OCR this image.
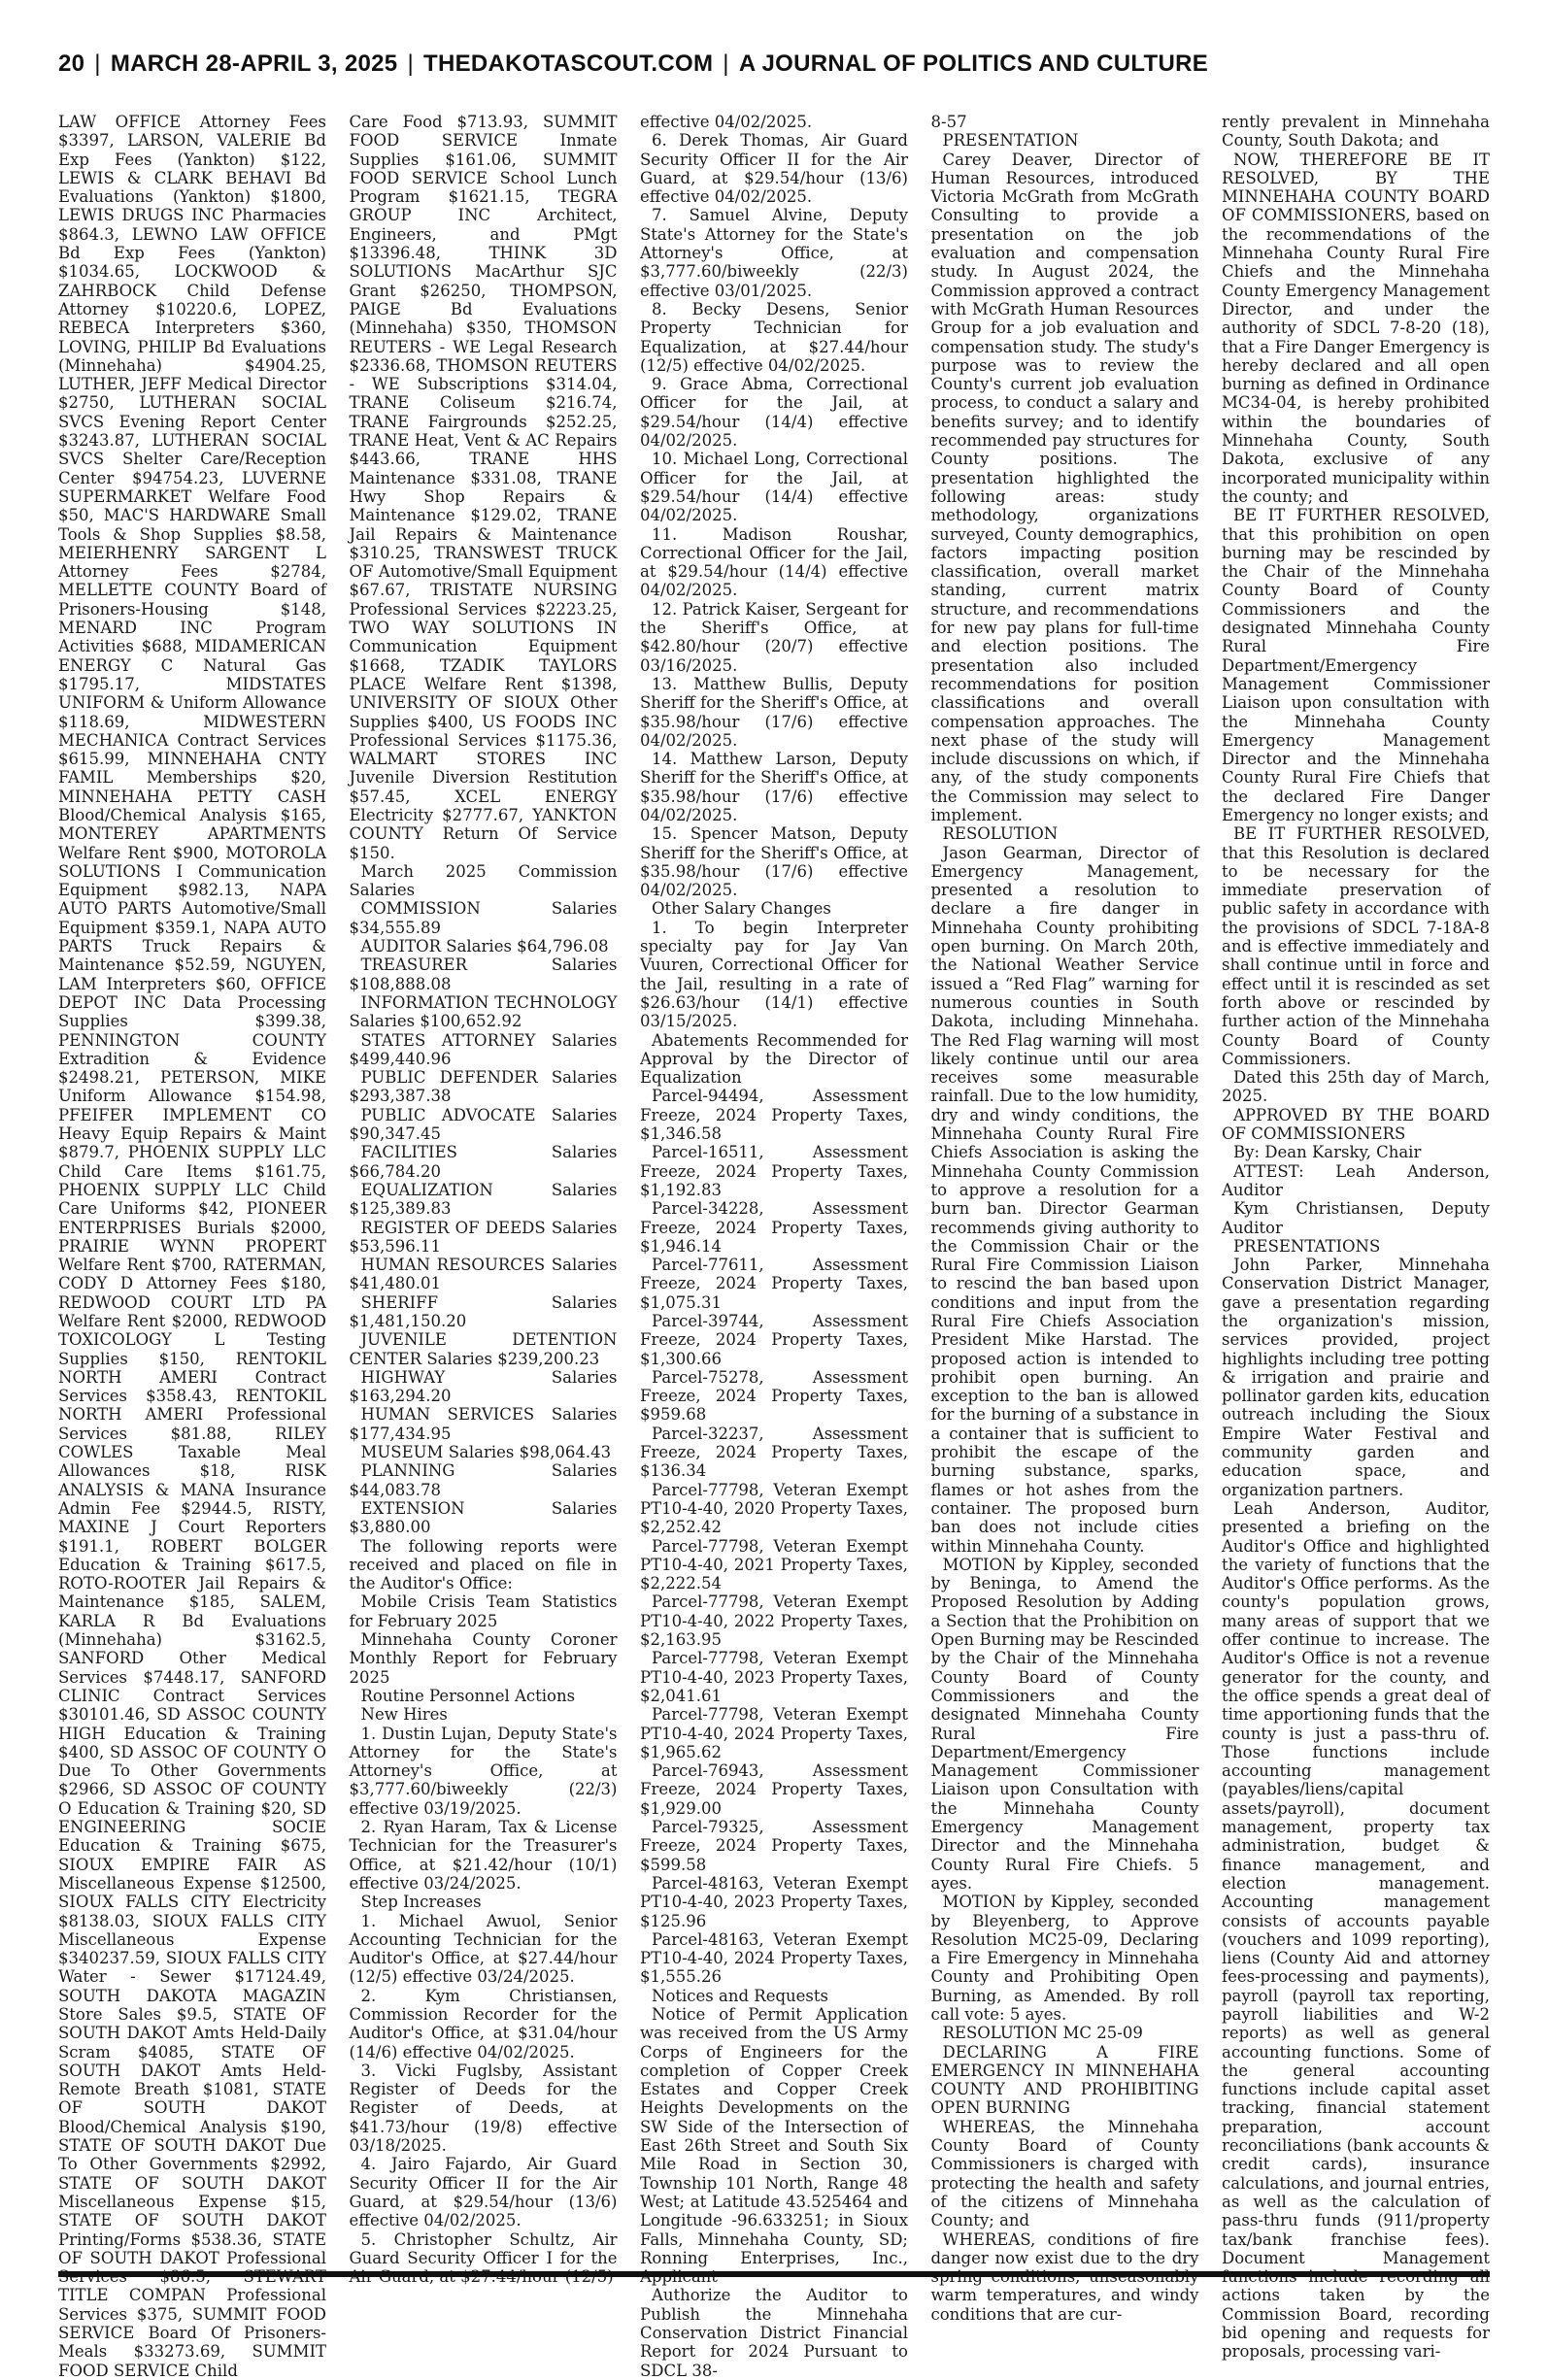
20 | MARCH 28-APRIL 3, 2025 | THEDAKOTASCOUT.COM | A JOURNAL OF POLITICS AND CULTURE

LAW OFFICE Attorney Fees $3397, LARSON, VALERIE Bd Exp Fees (Yankton) $122, LEWIS & CLARK BEHAVI Bd Evaluations (Yankton) $1800, LEWIS DRUGS INC Pharmacies $864.3, LEWNO LAW OFFICE Bd Exp Fees (Yankton) $1034.65, LOCKWOOD & ZAHRBOCK Child Defense Attorney $10220.6, LOPEZ, REBECA Interpreters $360, LOVING, PHILIP Bd Evaluations (Minnehaha) $4904.25, LUTHER, JEFF Medical Director $2750, LUTHERAN SOCIAL SVCS Evening Report Center $3243.87, LUTHERAN SOCIAL SVCS Shelter Care/Reception Center $94754.23, LUVERNE SUPERMARKET Welfare Food $50, MAC'S HARDWARE Small Tools & Shop Supplies $8.58, MEIERHENRY SARGENT L Attorney Fees $2784, MELLETTE COUNTY Board of Prisoners-Housing $148, MENARD INC Program Activities $688, MIDAMERICAN ENERGY C Natural Gas $1795.17, MIDSTATES UNIFORM & Uniform Allowance $118.69, MIDWESTERN MECHANICA Contract Services $615.99, MINNEHAHA CNTY FAMIL Memberships $20, MINNEHAHA PETTY CASH Blood/Chemical Analysis $165, MONTEREY APARTMENTS Welfare Rent $900, MOTOROLA SOLUTIONS I Communication Equipment $982.13, NAPA AUTO PARTS Automotive/Small Equipment $359.1, NAPA AUTO PARTS Truck Repairs & Maintenance $52.59, NGUYEN, LAM Interpreters $60, OFFICE DEPOT INC Data Processing Supplies $399.38, PENNINGTON COUNTY Extradition & Evidence $2498.21, PETERSON, MIKE Uniform Allowance $154.98, PFEIFER IMPLEMENT CO Heavy Equip Repairs & Maint $879.7, PHOENIX SUPPLY LLC Child Care Items $161.75, PHOENIX SUPPLY LLC Child Care Uniforms $42, PIONEER ENTERPRISES Burials $2000, PRAIRIE WYNN PROPERT Welfare Rent $700, RATERMAN, CODY D Attorney Fees $180, REDWOOD COURT LTD PA Welfare Rent $2000, REDWOOD TOXICOLOGY L Testing Supplies $150, RENTOKIL NORTH AMERI Contract Services $358.43, RENTOKIL NORTH AMERI Professional Services $81.88, RILEY COWLES Taxable Meal Allowances $18, RISK ANALYSIS & MANA Insurance Admin Fee $2944.5, RISTY, MAXINE J Court Reporters $191.1, ROBERT BOLGER Education & Training $617.5, ROTO-ROOTER Jail Repairs & Maintenance $185, SALEM, KARLA R Bd Evaluations (Minnehaha) $3162.5, SANFORD Other Medical Services $7448.17, SANFORD CLINIC Contract Services $30101.46, SD ASSOC COUNTY HIGH Education & Training $400, SD ASSOC OF COUNTY O Due To Other Governments $2966, SD ASSOC OF COUNTY O Education & Training $20, SD ENGINEERING SOCIE Education & Training $675, SIOUX EMPIRE FAIR AS Miscellaneous Expense $12500, SIOUX FALLS CITY Electricity $8138.03, SIOUX FALLS CITY Miscellaneous Expense $340237.59, SIOUX FALLS CITY Water - Sewer $17124.49, SOUTH DAKOTA MAGAZIN Store Sales $9.5, STATE OF SOUTH DAKOT Amts Held-Daily Scram $4085, STATE OF SOUTH DAKOT Amts Held-Remote Breath $1081, STATE OF SOUTH DAKOT Blood/Chemical Analysis $190, STATE OF SOUTH DAKOT Due To Other Governments $2992, STATE OF SOUTH DAKOT Miscellaneous Expense $15, STATE OF SOUTH DAKOT Printing/Forms $538.36, STATE OF SOUTH DAKOT Professional TITLE COMPAN Professional Services $375, SUMMIT FOOD SERVICE Board Of Prisoners-Meals $33273.69, SUMMIT FOOD SERVICE Child

Care Food $713.93, SUMMIT FOOD SERVICE Inmate Supplies $161.06, SUMMIT FOOD SERVICE School Lunch Program $1621.15, TEGRA GROUP INC Architect, Engineers, and PMgt $13396.48, THINK 3D SOLUTIONS MacArthur SJC Grant $26250, THOMPSON, PAIGE Bd Evaluations (Minnehaha) $350, THOMSON REUTERS - WE Legal Research $2336.68, THOMSON REUTERS - WE Subscriptions $314.04, TRANE Coliseum $216.74, TRANE Fairgrounds $252.25, TRANE Heat, Vent & AC Repairs $443.66, TRANE HHS Maintenance $331.08, TRANE Hwy Shop Repairs & Maintenance $129.02, TRANE Jail Repairs & Maintenance $310.25, TRANSWEST TRUCK OF Automotive/Small Equipment $67.67, TRISTATE NURSING Professional Services $2223.25, TWO WAY SOLUTIONS IN Communication Equipment $1668, TZADIK TAYLORS PLACE Welfare Rent $1398, UNIVERSITY OF SIOUX Other Supplies $400, US FOODS INC Professional Services $1175.36, WALMART STORES INC Juvenile Diversion Restitution $57.45, XCEL ENERGY Electricity $2777.67, YANKTON COUNTY Return Of Service $150.

March 2025 Commission Salaries

COMMISSION Salaries $34,555.89

AUDITOR Salaries $64,796.08

TREASURER Salaries $108,888.08

INFORMATION TECHNOLOGY Salaries $100,652.92

STATES ATTORNEY Salaries $499,440.96

PUBLIC DEFENDER Salaries $293,387.38

PUBLIC ADVOCATE Salaries $90,347.45

FACILITIES Salaries $66,784.20

EQUALIZATION Salaries $125,389.83

REGISTER OF DEEDS Salaries $53,596.11

HUMAN RESOURCES Salaries $41,480.01

SHERIFF Salaries $1,481,150.20

JUVENILE DETENTION CENTER Salaries $239,200.23

HIGHWAY Salaries $163,294.20

HUMAN SERVICES Salaries $177,434.95

MUSEUM Salaries $98,064.43

PLANNING Salaries $44,083.78

EXTENSION Salaries $3,880.00

The following reports were received and placed on file in the Auditor's Office:

Mobile Crisis Team Statistics for February 2025

Minnehaha County Coroner Monthly Report for February 2025

Routine Personnel Actions

New Hires

1. Dustin Lujan, Deputy State's Attorney for the State's Attorney's Office, at $3,777.60/biweekly (22/3) effective 03/19/2025.

2. Ryan Haram, Tax & License Technician for the Treasurer's Office, at $21.42/hour (10/1) effective 03/24/2025.

Step Increases

1. Michael Awuol, Senior Accounting Technician for the Auditor's Office, at $27.44/hour (12/5) effective 03/24/2025.

2. Kym Christiansen, Commission Recorder for the Auditor's Office, at $31.04/hour (14/6) effective 04/02/2025.

3. Vicki Fuglsby, Assistant Register of Deeds for the Register of Deeds, at $41.73/hour (19/8) effective 03/18/2025.

4. Jairo Fajardo, Air Guard Security Officer II for the Air Guard, at $29.54/hour (13/6) effective 04/02/2025.

5. Christopher Schultz, Air Guard Security Officer I for the

effective 04/02/2025.

6. Derek Thomas, Air Guard Security Officer II for the Air Guard, at $29.54/hour (13/6) effective 04/02/2025.

7. Samuel Alvine, Deputy State's Attorney for the State's Attorney's Office, at $3,777.60/biweekly (22/3) effective 03/01/2025.

8. Becky Desens, Senior Property Technician for Equalization, at $27.44/hour (12/5) effective 04/02/2025.

9. Grace Abma, Correctional Officer for the Jail, at $29.54/hour (14/4) effective 04/02/2025.

10. Michael Long, Correctional Officer for the Jail, at $29.54/hour (14/4) effective 04/02/2025.

11. Madison Roushar, Correctional Officer for the Jail, at $29.54/hour (14/4) effective 04/02/2025.

12. Patrick Kaiser, Sergeant for the Sheriff's Office, at $42.80/hour (20/7) effective 03/16/2025.

13. Matthew Bullis, Deputy Sheriff for the Sheriff's Office, at $35.98/hour (17/6) effective 04/02/2025.

14. Matthew Larson, Deputy Sheriff for the Sheriff's Office, at $35.98/hour (17/6) effective 04/02/2025.

15. Spencer Matson, Deputy Sheriff for the Sheriff's Office, at $35.98/hour (17/6) effective 04/02/2025.

Other Salary Changes

1. To begin Interpreter specialty pay for Jay Van Vuuren, Correctional Officer for the Jail, resulting in a rate of $26.63/hour (14/1) effective 03/15/2025.

Abatements Recommended for Approval by the Director of Equalization

Parcel-94494, Assessment Freeze, 2024 Property Taxes, $1,346.58

Parcel-16511, Assessment Freeze, 2024 Property Taxes, $1,192.83

Parcel-34228, Assessment Freeze, 2024 Property Taxes, $1,946.14

Parcel-77611, Assessment Freeze, 2024 Property Taxes, $1,075.31

Parcel-39744, Assessment Freeze, 2024 Property Taxes, $1,300.66

Parcel-75278, Assessment Freeze, 2024 Property Taxes, $959.68

Parcel-32237, Assessment Freeze, 2024 Property Taxes, $136.34

Parcel-77798, Veteran Exempt PT10-4-40, 2020 Property Taxes, $2,252.42

Parcel-77798, Veteran Exempt PT10-4-40, 2021 Property Taxes, $2,222.54

Parcel-77798, Veteran Exempt PT10-4-40, 2022 Property Taxes, $2,163.95

Parcel-77798, Veteran Exempt PT10-4-40, 2023 Property Taxes, $2,041.61

Parcel-77798, Veteran Exempt PT10-4-40, 2024 Property Taxes, $1,965.62

Parcel-76943, Assessment Freeze, 2024 Property Taxes, $1,929.00

Parcel-79325, Assessment Freeze, 2024 Property Taxes, $599.58

Parcel-48163, Veteran Exempt PT10-4-40, 2023 Property Taxes, $125.96

Parcel-48163, Veteran Exempt PT10-4-40, 2024 Property Taxes, $1,555.26

Notices and Requests

Notice of Permit Application was received from the US Army Corps of Engineers for the completion of Copper Creek Estates and Copper Creek Heights Developments on the SW Side of the Intersection of East 26th Street and South Six Mile Road in Section 30, Township 101 North, Range 48 West; at Latitude 43.525464 and Longitude -96.633251; in Sioux Falls, Minnehaha County, SD; Ronning Enterprises, Inc.,

Authorize the Auditor to Publish the Minnehaha Conservation District Financial Report for 2024 Pursuant to SDCL 38-

8-57

PRESENTATION

Carey Deaver, Director of Human Resources, introduced Victoria McGrath from McGrath Consulting to provide a presentation on the job evaluation and compensation study. In August 2024, the Commission approved a contract with McGrath Human Resources Group for a job evaluation and compensation study. The study's purpose was to review the County's current job evaluation process, to conduct a salary and benefits survey; and to identify recommended pay structures for County positions. The presentation highlighted the following areas: study methodology, organizations surveyed, County demographics, factors impacting position classification, overall market standing, current matrix structure, and recommendations for new pay plans for full-time and election positions. The presentation also included recommendations for position classifications and overall compensation approaches. The next phase of the study will include discussions on which, if any, of the study components the Commission may select to implement.

RESOLUTION

Jason Gearman, Director of Emergency Management, presented a resolution to declare a fire danger in Minnehaha County prohibiting open burning. On March 20th, the National Weather Service issued a “Red Flag” warning for numerous counties in South Dakota, including Minnehaha. The Red Flag warning will most likely continue until our area receives some measurable rainfall. Due to the low humidity, dry and windy conditions, the Minnehaha County Rural Fire Chiefs Association is asking the Minnehaha County Commission to approve a resolution for a burn ban. Director Gearman recommends giving authority to the Commission Chair or the Rural Fire Commission Liaison to rescind the ban based upon conditions and input from the Rural Fire Chiefs Association President Mike Harstad. The proposed action is intended to prohibit open burning. An exception to the ban is allowed for the burning of a substance in a container that is sufficient to prohibit the escape of the burning substance, sparks, flames or hot ashes from the container. The proposed burn ban does not include cities within Minnehaha County.

MOTION by Kippley, seconded by Beninga, to Amend the Proposed Resolution by Adding a Section that the Prohibition on Open Burning may be Rescinded by the Chair of the Minnehaha County Board of County Commissioners and the designated Minnehaha County Rural Fire Department/Emergency Management Commissioner Liaison upon Consultation with the Minnehaha County Emergency Management Director and the Minnehaha County Rural Fire Chiefs. 5 ayes.

MOTION by Kippley, seconded by Bleyenberg, to Approve Resolution MC25-09, Declaring a Fire Emergency in Minnehaha County and Prohibiting Open Burning, as Amended. By roll call vote: 5 ayes.

RESOLUTION MC 25-09

DECLARING A FIRE EMERGENCY IN MINNEHAHA COUNTY AND PROHIBITING OPEN BURNING

WHEREAS, the Minnehaha County Board of County Commissioners is charged with protecting the health and safety of the citizens of Minnehaha County; and

WHEREAS, conditions of fire danger now exist due to the dry warm temperatures, and windy conditions that are cur-

rently prevalent in Minnehaha County, South Dakota; and

NOW, THEREFORE BE IT RESOLVED, BY THE MINNEHAHA COUNTY BOARD OF COMMISSIONERS, based on the recommendations of the Minnehaha County Rural Fire Chiefs and the Minnehaha County Emergency Management Director, and under the authority of SDCL 7-8-20 (18), that a Fire Danger Emergency is hereby declared and all open burning as defined in Ordinance MC34-04, is hereby prohibited within the boundaries of Minnehaha County, South Dakota, exclusive of any incorporated municipality within the county; and

BE IT FURTHER RESOLVED, that this prohibition on open burning may be rescinded by the Chair of the Minnehaha County Board of County Commissioners and the designated Minnehaha County Rural Fire Department/Emergency Management Commissioner Liaison upon consultation with the Minnehaha County Emergency Management Director and the Minnehaha County Rural Fire Chiefs that the declared Fire Danger Emergency no longer exists; and

BE IT FURTHER RESOLVED, that this Resolution is declared to be necessary for the immediate preservation of public safety in accordance with the provisions of SDCL 7-18A-8 and is effective immediately and shall continue until in force and effect until it is rescinded as set forth above or rescinded by further action of the Minnehaha County Board of County Commissioners.

Dated this 25th day of March, 2025.

APPROVED BY THE BOARD OF COMMISSIONERS

By: Dean Karsky, Chair

ATTEST: Leah Anderson, Auditor

Kym Christiansen, Deputy Auditor

PRESENTATIONS

John Parker, Minnehaha Conservation District Manager, gave a presentation regarding the organization's mission, services provided, project highlights including tree potting & irrigation and prairie and pollinator garden kits, education outreach including the Sioux Empire Water Festival and community garden and education space, and organization partners.

Leah Anderson, Auditor, presented a briefing on the Auditor's Office and highlighted the variety of functions that the Auditor's Office performs. As the county's population grows, many areas of support that we offer continue to increase. The Auditor's Office is not a revenue generator for the county, and the office spends a great deal of time apportioning funds that the county is just a pass-thru of. Those functions include accounting management (payables/liens/capital assets/payroll), document management, property tax administration, budget & finance management, and election management. Accounting management consists of accounts payable (vouchers and 1099 reporting), liens (County Aid and attorney fees-processing and payments), payroll (payroll tax reporting, payroll liabilities and W-2 reports) as well as general accounting functions. Some of the general accounting functions include capital asset tracking, financial statement preparation, account reconciliations (bank accounts & credit cards), insurance calculations, and journal entries, as well as the calculation of pass-thru funds (911/property tax/bank franchise fees). Document Management actions taken by the Commission Board, recording bid opening and requests for proposals, processing vari-
